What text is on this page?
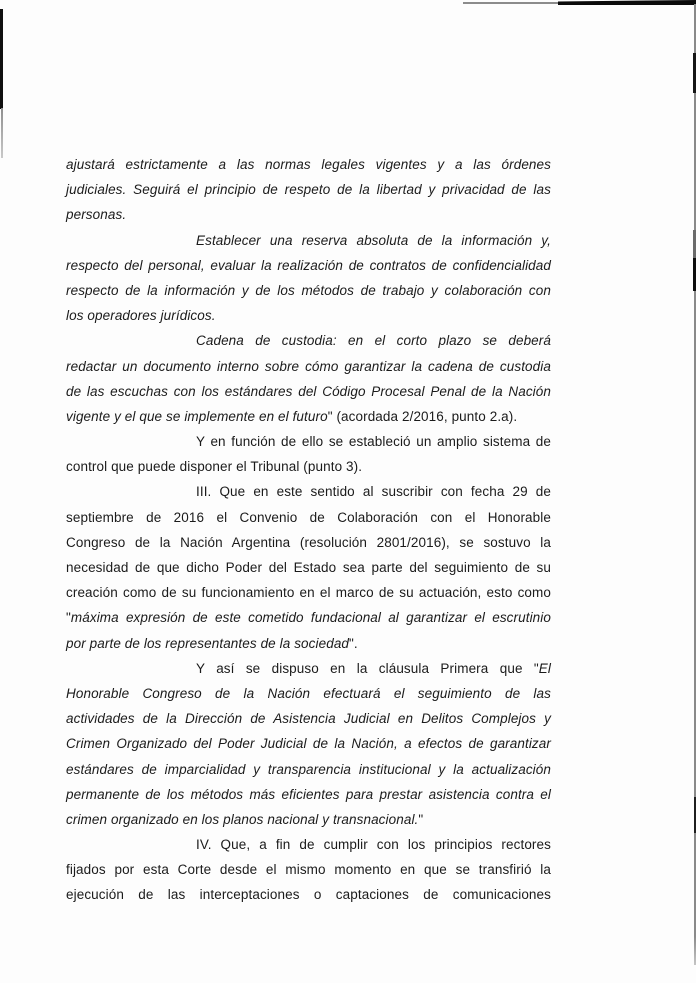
ajustará estrictamente a las normas legales vigentes y a las órdenes
judiciales. Seguirá el principio de respeto de la libertad y privacidad de las
personas.
Establecer una reserva absoluta de la información y,
respecto del personal, evaluar la realización de contratos de confidencialidad
respecto de la información y de los métodos de trabajo y colaboración con
los operadores jurídicos.
Cadena de custodia: en el corto plazo se deberá
redactar un documento interno sobre cómo garantizar la cadena de custodia
de las escuchas con los estándares del Código Procesal Penal de la Nación
vigente y el que se implemente en el futuro" (acordada 2/2016, punto 2.a).
Y en función de ello se estableció un amplio sistema de
control que puede disponer el Tribunal (punto 3).
III. Que en este sentido al suscribir con fecha 29 de
septiembre de 2016 el Convenio de Colaboración con el Honorable
Congreso de la Nación Argentina (resolución 2801/2016), se sostuvo la
necesidad de que dicho Poder del Estado sea parte del seguimiento de su
creación como de su funcionamiento en el marco de su actuación, esto como
"máxima expresión de este cometido fundacional al garantizar el escrutinio
por parte de los representantes de la sociedad".
Y así se dispuso en la cláusula Primera que "El
Honorable Congreso de la Nación efectuará el seguimiento de las
actividades de la Dirección de Asistencia Judicial en Delitos Complejos y
Crimen Organizado del Poder Judicial de la Nación, a efectos de garantizar
estándares de imparcialidad y transparencia institucional y la actualización
permanente de los métodos más eficientes para prestar asistencia contra el
crimen organizado en los planos nacional y transnacional."
IV. Que, a fin de cumplir con los principios rectores
fijados por esta Corte desde el mismo momento en que se transfirió la
ejecución de las interceptaciones o captaciones de comunicaciones
